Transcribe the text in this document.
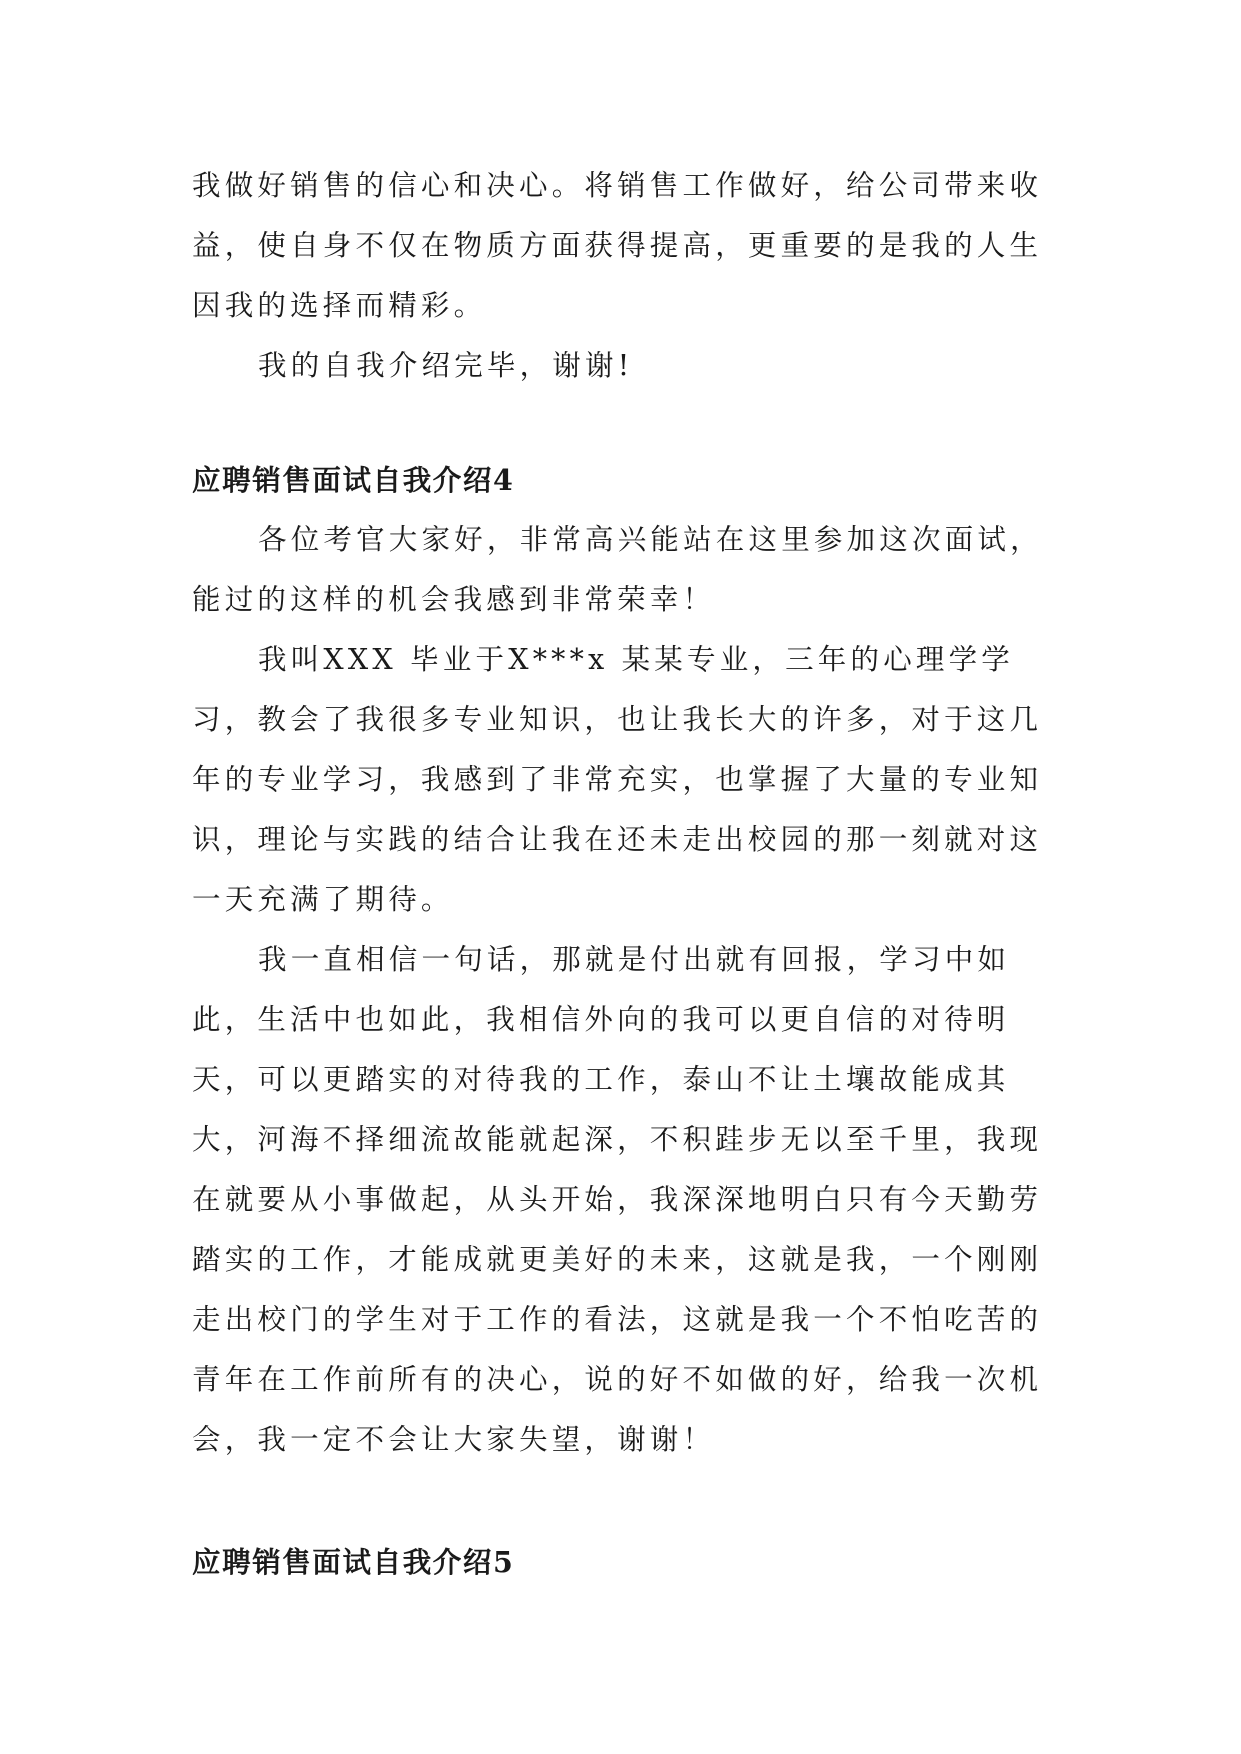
我做好销售的信心和决心。将销售工作做好，给公司带来收益，使自身不仅在物质方面获得提高，更重要的是我的人生因我的选择而精彩。

我的自我介绍完毕，谢谢!

应聘销售面试自我介绍4

各位考官大家好，非常高兴能站在这里参加这次面试，能过的这样的机会我感到非常荣幸！

我叫XXX 毕业于X***x 某某专业，三年的心理学学习，教会了我很多专业知识，也让我长大的许多，对于这几年的专业学习，我感到了非常充实，也掌握了大量的专业知识，理论与实践的结合让我在还未走出校园的那一刻就对这一天充满了期待。

我一直相信一句话，那就是付出就有回报，学习中如此，生活中也如此，我相信外向的我可以更自信的对待明天，可以更踏实的对待我的工作，泰山不让土壤故能成其大，河海不择细流故能就起深，不积跬步无以至千里，我现在就要从小事做起，从头开始，我深深地明白只有今天勤劳踏实的工作，才能成就更美好的未来，这就是我，一个刚刚走出校门的学生对于工作的看法，这就是我一个不怕吃苦的青年在工作前所有的决心，说的好不如做的好，给我一次机会，我一定不会让大家失望，谢谢！

应聘销售面试自我介绍5
